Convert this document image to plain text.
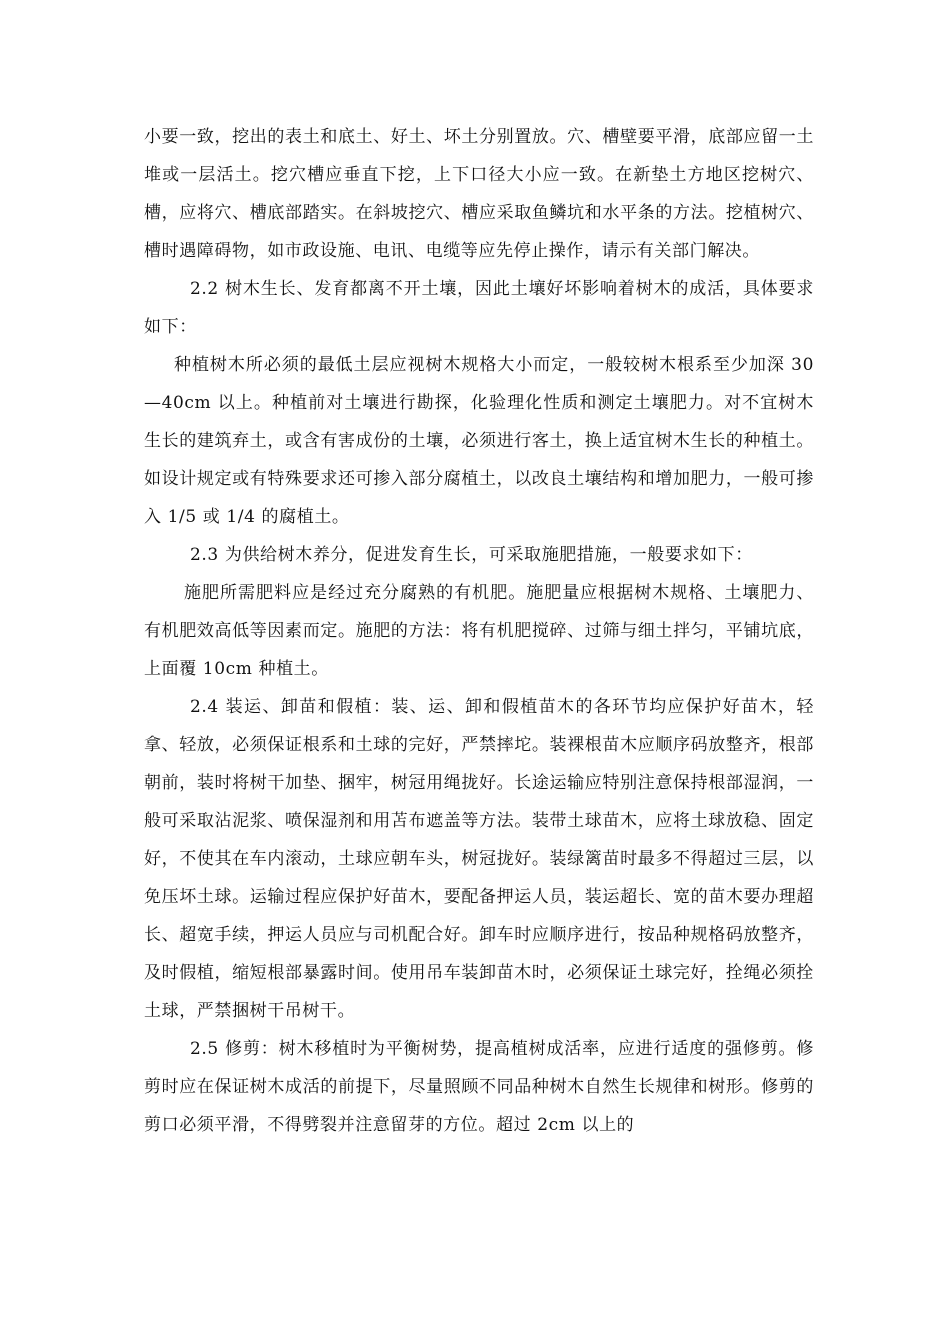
小要一致，挖出的表土和底土、好土、坏土分别置放。穴、槽壁要平滑，底部应留一土堆或一层活土。挖穴槽应垂直下挖，上下口径大小应一致。在新垫土方地区挖树穴、槽，应将穴、槽底部踏实。在斜坡挖穴、槽应采取鱼鳞坑和水平条的方法。挖植树穴、槽时遇障碍物，如市政设施、电讯、电缆等应先停止操作，请示有关部门解决。

2.2 树木生长、发育都离不开土壤，因此土壤好坏影响着树木的成活，具体要求如下：

种植树木所必须的最低土层应视树木规格大小而定，一般较树木根系至少加深 30—40cm 以上。种植前对土壤进行勘探，化验理化性质和测定土壤肥力。对不宜树木生长的建筑弃土，或含有害成份的土壤，必须进行客土，换上适宜树木生长的种植土。如设计规定或有特殊要求还可掺入部分腐植土，以改良土壤结构和增加肥力，一般可掺入 1/5 或 1/4 的腐植土。

2.3 为供给树木养分，促进发育生长，可采取施肥措施，一般要求如下：

施肥所需肥料应是经过充分腐熟的有机肥。施肥量应根据树木规格、土壤肥力、有机肥效高低等因素而定。施肥的方法：将有机肥搅碎、过筛与细土拌匀，平铺坑底，上面覆 10cm 种植土。

2.4 装运、卸苗和假植：装、运、卸和假植苗木的各环节均应保护好苗木，轻拿、轻放，必须保证根系和土球的完好，严禁摔坨。装裸根苗木应顺序码放整齐，根部朝前，装时将树干加垫、捆牢，树冠用绳拢好。长途运输应特别注意保持根部湿润，一般可采取沾泥浆、喷保湿剂和用苫布遮盖等方法。装带土球苗木，应将土球放稳、固定好，不使其在车内滚动，土球应朝车头，树冠拢好。装绿篱苗时最多不得超过三层，以免压坏土球。运输过程应保护好苗木，要配备押运人员，装运超长、宽的苗木要办理超长、超宽手续，押运人员应与司机配合好。卸车时应顺序进行，按品种规格码放整齐，及时假植，缩短根部暴露时间。使用吊车装卸苗木时，必须保证土球完好，拴绳必须拴土球，严禁捆树干吊树干。

2.5 修剪：树木移植时为平衡树势，提高植树成活率，应进行适度的强修剪。修剪时应在保证树木成活的前提下，尽量照顾不同品种树木自然生长规律和树形。修剪的剪口必须平滑，不得劈裂并注意留芽的方位。超过 2cm 以上的
